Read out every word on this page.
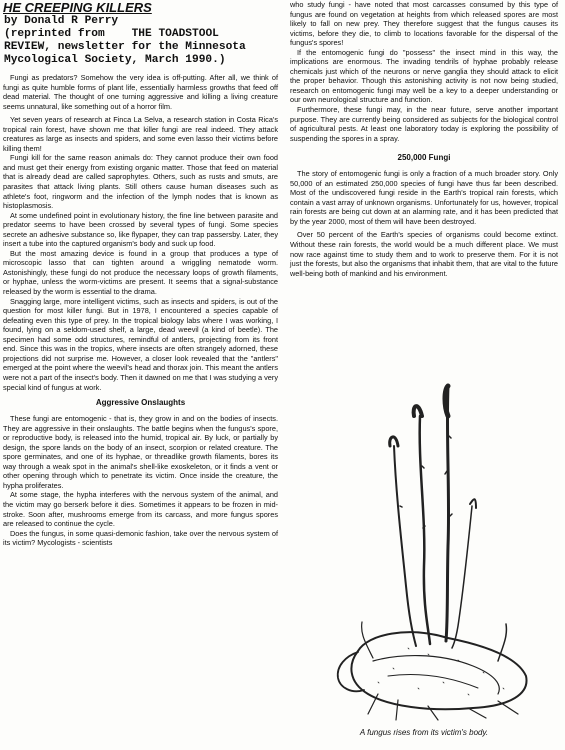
HE CREEPING KILLERS
by Donald R Perry
(reprinted from THE TOADSTOOL
REVIEW, newsletter for the Minnesota
Mycological Society, March 1990.)

Fungi as predators? Somehow the very idea is off-putting. After all, we think of fungi as quite humble forms of plant life, essentially harmless growths that feed off dead material. The thought of one turning aggressive and killing a living creature seems unnatural, like something out of a horror film.

Yet seven years of research at Finca La Selva, a research station in Costa Rica's tropical rain forest, have shown me that killer fungi are real indeed. They attack creatures as large as insects and spiders, and some even lasso their victims before killing them!

Fungi kill for the same reason animals do: They cannot produce their own food and must get their energy from existing organic matter. Those that feed on material that is already dead are called saprophytes. Others, such as rusts and smuts, are parasites that attack living plants. Still others cause human diseases such as athlete's foot, ringworm and the infection of the lymph nodes that is known as histoplasmosis.

At some undefined point in evolutionary history, the fine line between parasite and predator seems to have been crossed by several types of fungi. Some species secrete an adhesive substance so, like flypaper, they can trap passersby. Later, they insert a tube into the captured organism's body and suck up food.

But the most amazing device is found in a group that produces a type of microscopic lasso that can tighten around a wriggling nematode worm. Astonishingly, these fungi do not produce the necessary loops of growth filaments, or hyphae, unless the worm-victims are present. It seems that a signal-substance released by the worm is essential to the drama.

Snagging large, more intelligent victims, such as insects and spiders, is out of the question for most killer fungi. But in 1978, I encountered a species capable of defeating even this type of prey. In the tropical biology labs where I was working, I found, lying on a seldom-used shelf, a large, dead weevil (a kind of beetle). The specimen had some odd structures, remindful of antlers, projecting from its front end. Since this was in the tropics, where insects are often strangely adorned, these projections did not surprise me. However, a closer look revealed that the "antlers" emerged at the point where the weevil's head and thorax join. This meant the antlers were not a part of the insect's body. Then it dawned on me that I was studying a very special kind of fungus at work.

Aggressive Onslaughts

These fungi are entomogenic - that is, they grow in and on the bodies of insects. They are aggressive in their onslaughts. The battle begins when the fungus's spore, or reproductive body, is released into the humid, tropical air. By luck, or partially by design, the spore lands on the body of an insect, scorpion or related creature. The spore germinates, and one of its hyphae, or threadlike growth filaments, bores its way through a weak spot in the animal's shell-like exoskeleton, or it finds a vent or other opening through which to penetrate its victim. Once inside the creature, the hypha proliferates.

At some stage, the hypha interferes with the nervous system of the animal, and the victim may go berserk before it dies. Sometimes it appears to be frozen in mid-stroke. Soon after, mushrooms emerge from its carcass, and more fungus spores are released to continue the cycle.

Does the fungus, in some quasi-demonic fashion, take over the nervous system of its victim? Mycologists - scientists

who study fungi - have noted that most carcasses consumed by this type of fungus are found on vegetation at heights from which released spores are most likely to fall on new prey. They therefore suggest that the fungus causes its victims, before they die, to climb to locations favorable for the dispersal of the fungus's spores!

If the entomogenic fungi do "possess" the insect mind in this way, the implications are enormous. The invading tendrils of hyphae probably release chemicals just which of the neurons or nerve ganglia they should attack to elicit the proper behavior. Though this astonishing activity is not now being studied, research on entomogenic fungi may well be a key to a deeper understanding or our own neurological structure and function.

Furthermore, these fungi may, in the near future, serve another important purpose. They are currently being considered as subjects for the biological control of agricultural pests. At least one laboratory today is exploring the possibility of suspending the spores in a spray.

250,000 Fungi

The story of entomogenic fungi is only a fraction of a much broader story. Only 50,000 of an estimated 250,000 species of fungi have thus far been described. Most of the undiscovered fungi reside in the Earth's tropical rain forests, which contain a vast array of unknown organisms. Unfortunately for us, however, tropical rain forests are being cut down at an alarming rate, and it has been predicted that by the year 2000, most of them will have been destroyed.

Over 50 percent of the Earth's species of organisms could become extinct. Without these rain forests, the world would be a much different place. We must now race against time to study them and to work to preserve them. For it is not just the forests, but also the organisms that inhabit them, that are vital to the future well-being both of mankind and his environment.

A fungus rises from its victim's body.
